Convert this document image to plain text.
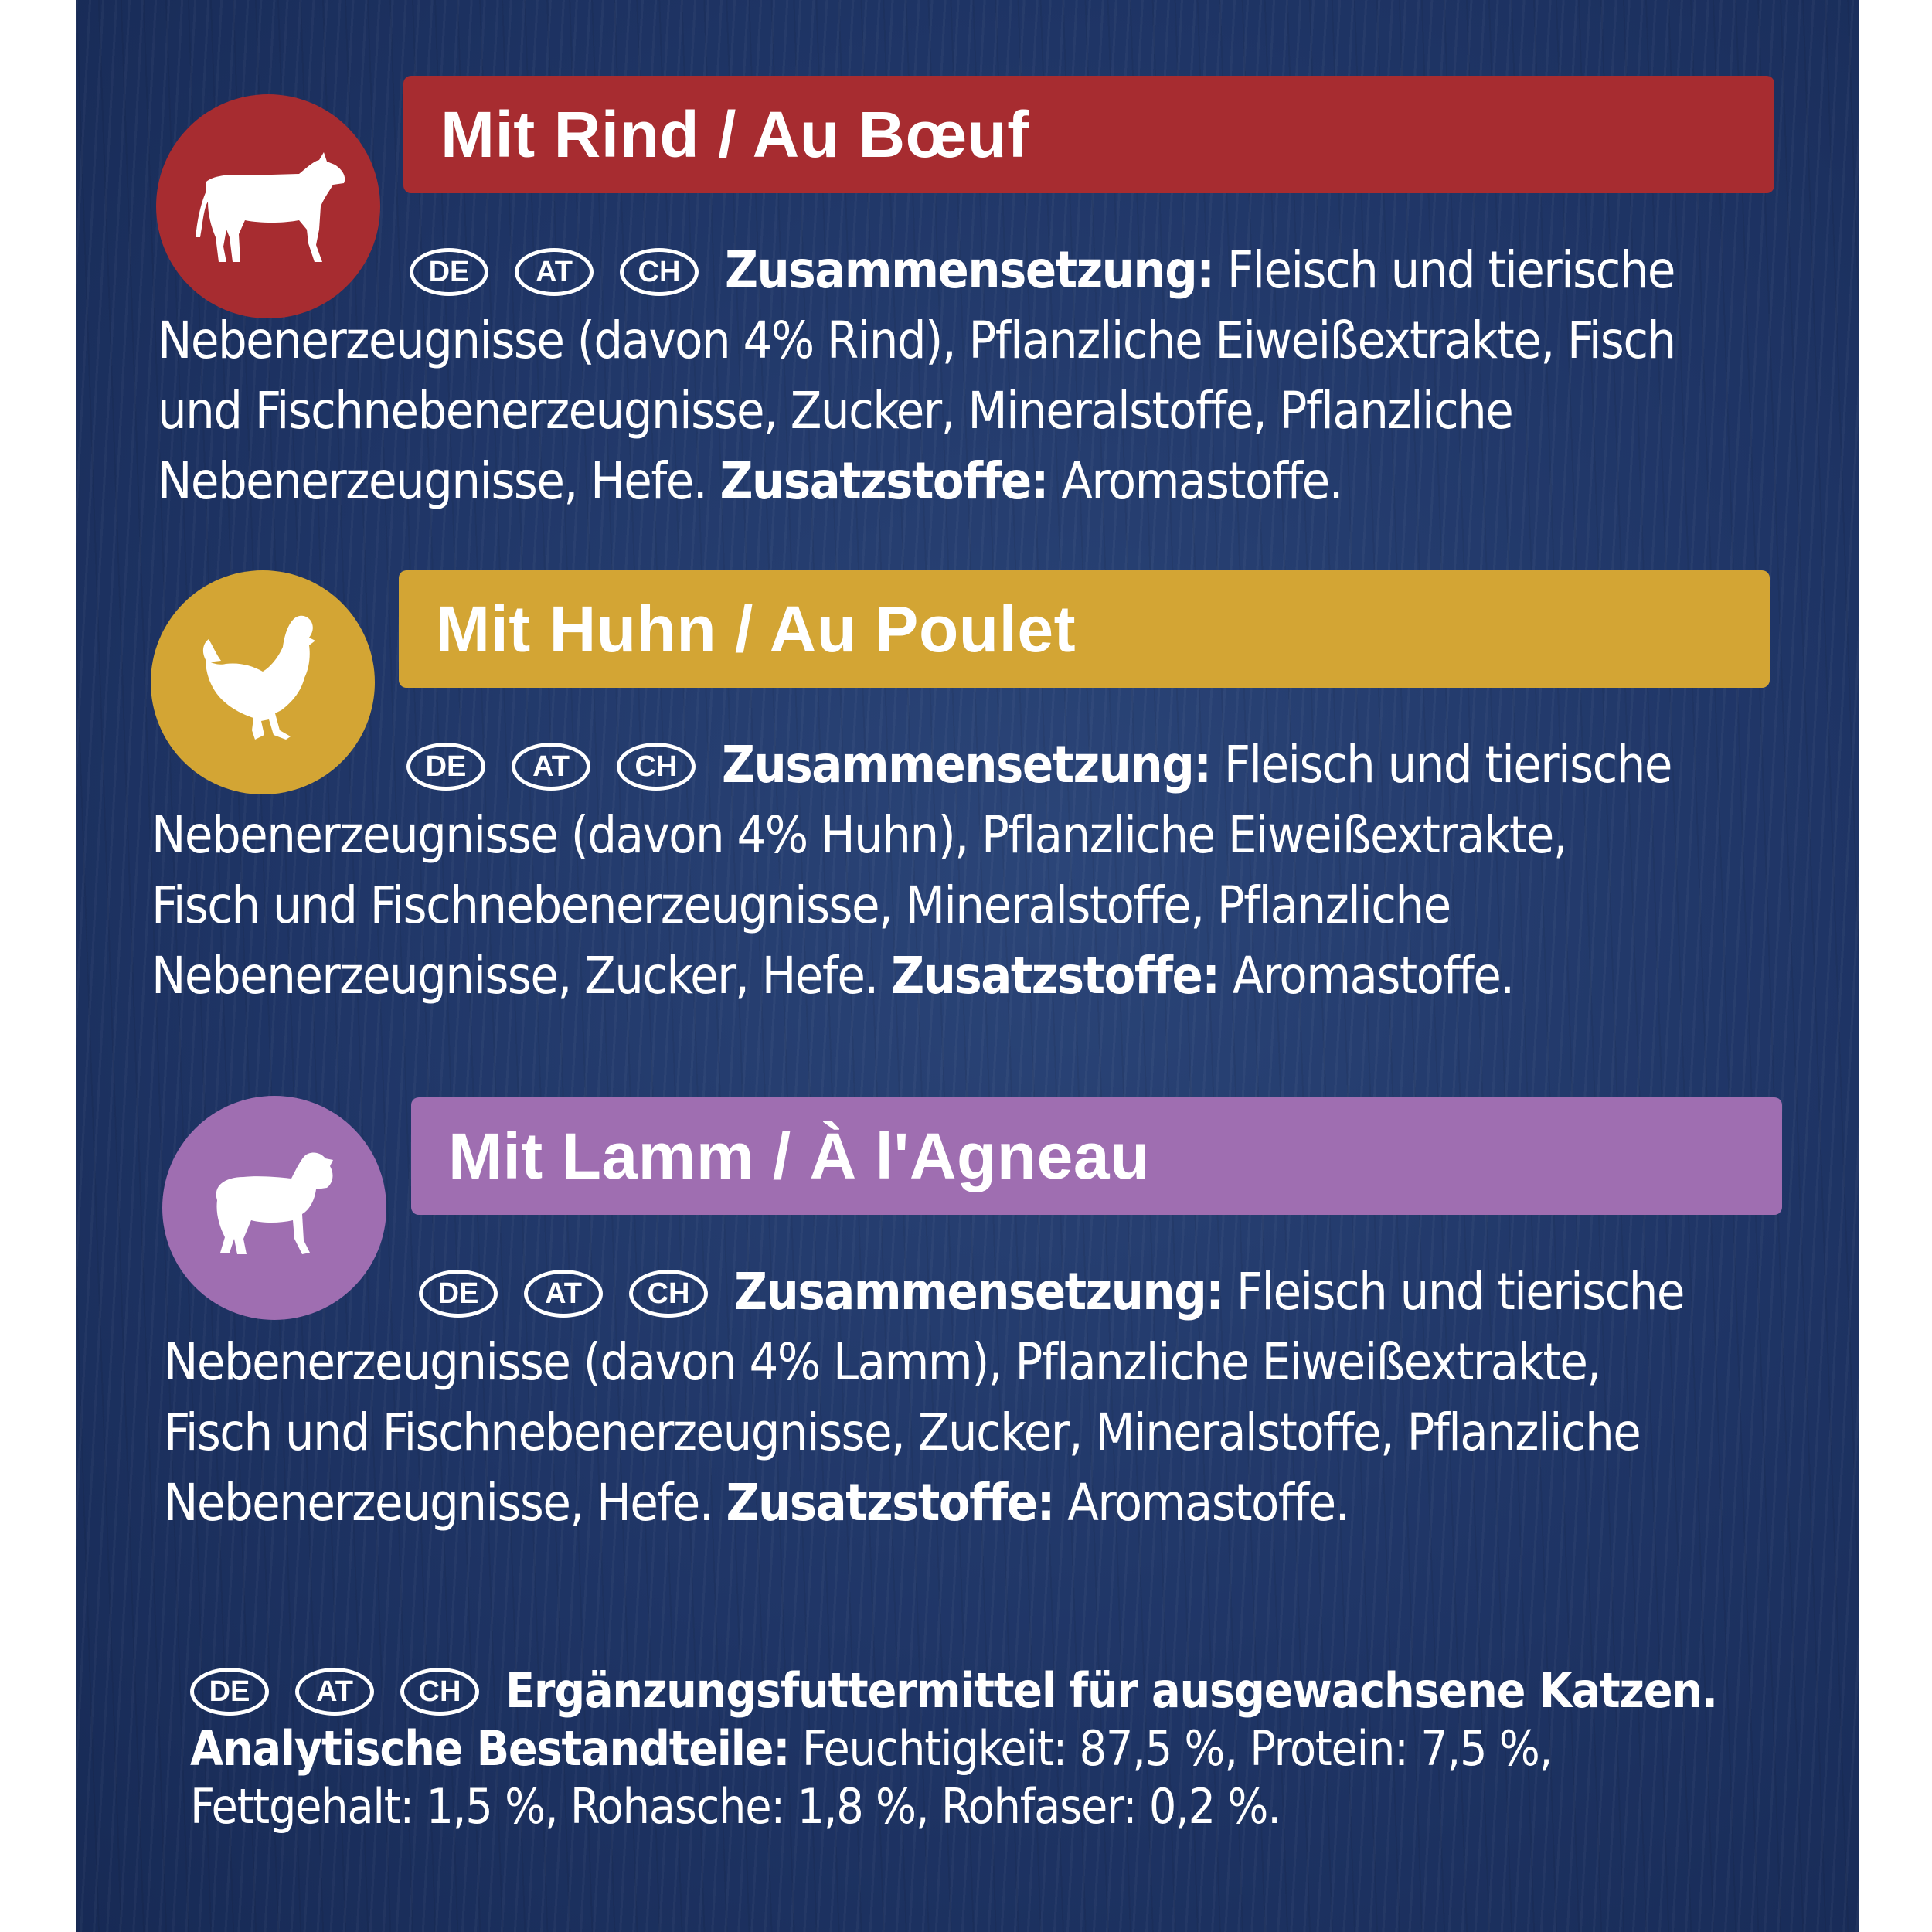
Mit Rind / Au Bœuf
DE AT CH Zusammensetzung: Fleisch und tierische
Nebenerzeugnisse (davon 4% Rind), Pflanzliche Eiweißextrakte, Fisch
und Fischnebenerzeugnisse, Zucker, Mineralstoffe, Pflanzliche
Nebenerzeugnisse, Hefe. Zusatzstoffe: Aromastoffe.
Mit Huhn / Au Poulet
DE AT CH Zusammensetzung: Fleisch und tierische
Nebenerzeugnisse (davon 4% Huhn), Pflanzliche Eiweißextrakte,
Fisch und Fischnebenerzeugnisse, Mineralstoffe, Pflanzliche
Nebenerzeugnisse, Zucker, Hefe. Zusatzstoffe: Aromastoffe.
Mit Lamm / À l'Agneau
DE AT CH Zusammensetzung: Fleisch und tierische
Nebenerzeugnisse (davon 4% Lamm), Pflanzliche Eiweißextrakte,
Fisch und Fischnebenerzeugnisse, Zucker, Mineralstoffe, Pflanzliche
Nebenerzeugnisse, Hefe. Zusatzstoffe: Aromastoffe.
DE AT CH Ergänzungsfuttermittel für ausgewachsene Katzen.
Analytische Bestandteile: Feuchtigkeit: 87,5 %, Protein: 7,5 %,
Fettgehalt: 1,5 %, Rohasche: 1,8 %, Rohfaser: 0,2 %.
